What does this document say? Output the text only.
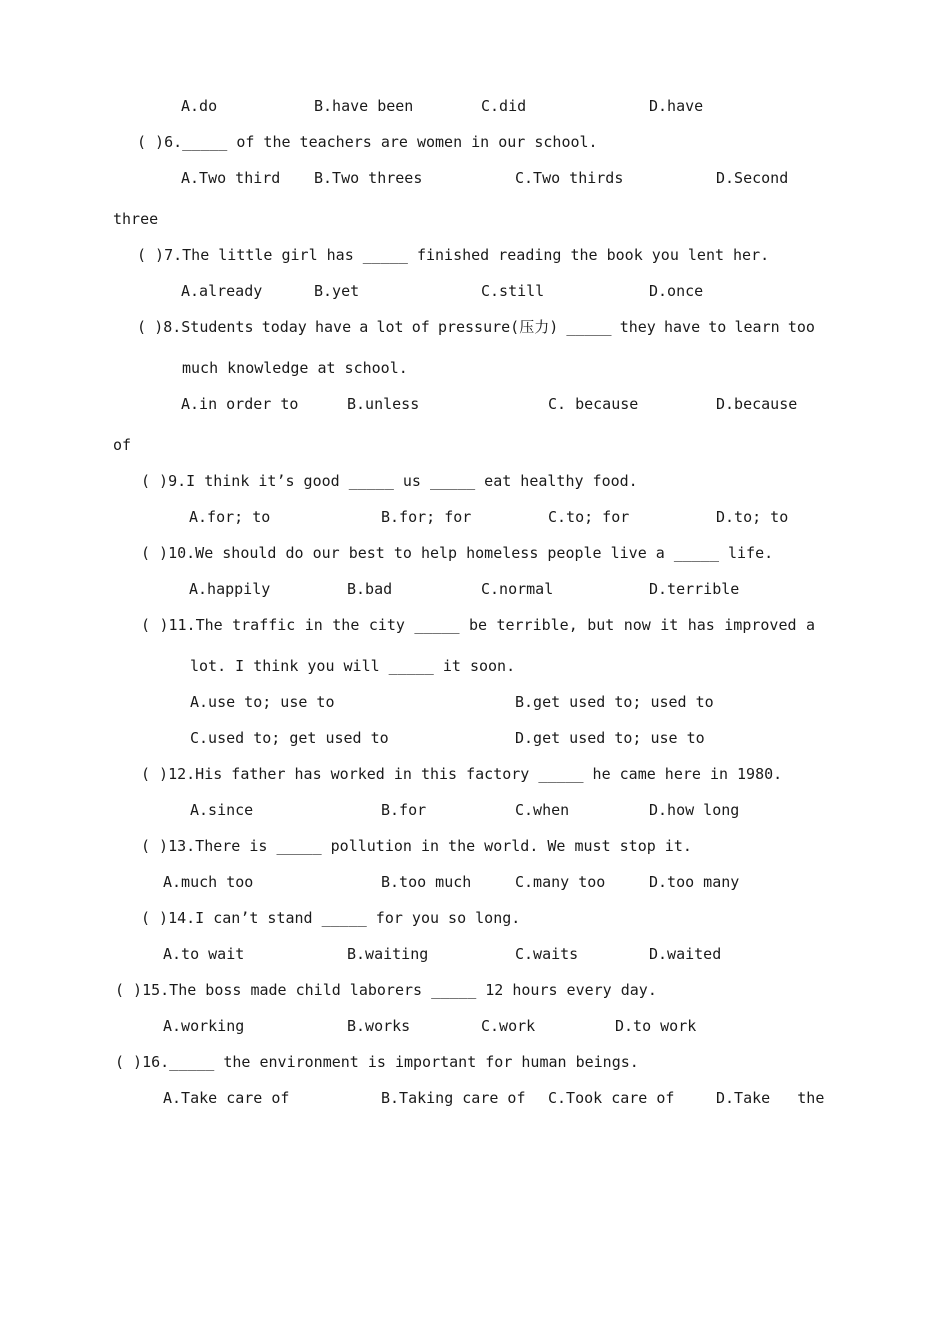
A.do	B.have been	C.did	D.have
( )6._____ of the teachers are women in our school.
A.Two third B.Two threes	C.Two thirds	D.Second
three
( )7.The little girl has _____ finished reading the book you lent her.
A.already	B.yet	C.still	D.once
( )8.Students today have a lot of pressure(压力) _____ they have to learn too
much knowledge at school.
A.in order to	B.unless	C. because	D.because
of
( )9.I think it’s good _____ us _____ eat healthy food.
A.for; to	B.for; for	C.to; for	D.to; to
( )10.We should do our best to help homeless people live a _____ life.
A.happily	B.bad	C.normal	D.terrible
( )11.The traffic in the city _____ be terrible, but now it has improved a
lot. I think you will _____ it soon.
A.use to; use to	B.get used to; used to
C.used to; get used to	D.get used to; use to
( )12.His father has worked in this factory _____ he came here in 1980.
A.since	B.for	C.when	D.how long
( )13.There is _____ pollution in the world. We must stop it.
A.much too	B.too much	C.many too	D.too many
( )14.I can’t stand _____ for you so long.
A.to wait	B.waiting	C.waits	D.waited
( )15.The boss made child laborers _____ 12 hours every day.
A.working	B.works	C.work	D.to work
( )16._____ the environment is important for human beings.
A.Take care of	B.Taking care of C.Took care of	D.Take   the
